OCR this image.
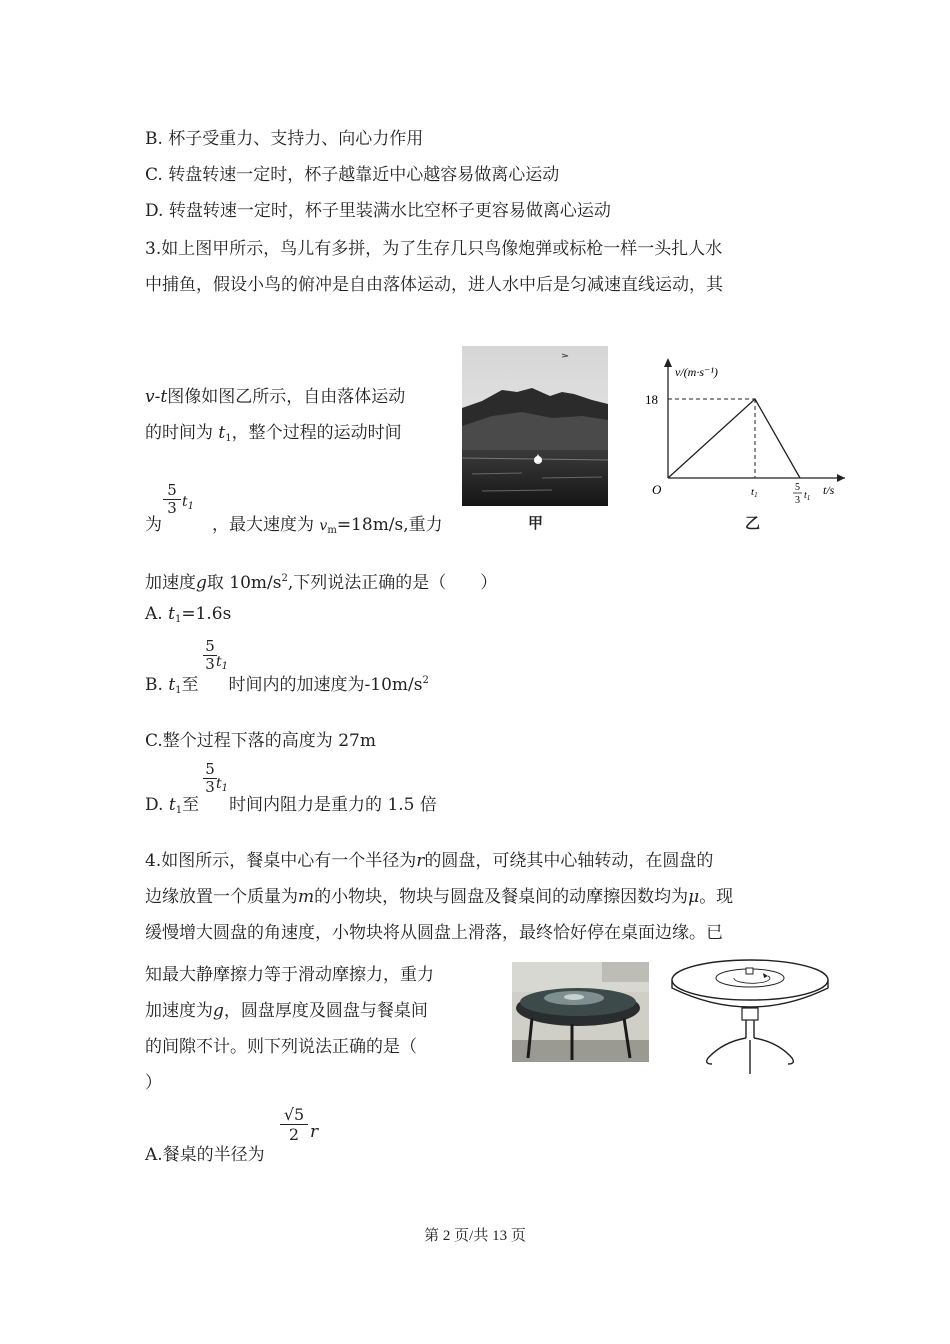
B. 杯子受重力、支持力、向心力作用
C. 转盘转速一定时，杯子越靠近中心越容易做离心运动
D. 转盘转速一定时，杯子里装满水比空杯子更容易做离心运动
3.如上图甲所示，鸟儿有多拼，为了生存几只鸟像炮弹或标枪一样一头扎人水
中捕鱼，假设小鸟的俯冲是自由落体运动，进人水中后是匀减速直线运动，其
v-t图像如图乙所示，自由落体运动
的时间为 $t_1$，整个过程的运动时间
5
3 $t_1$
为	，最大速度为 $v_m=18m/s$,重力
加速度g取 $10m/s^2$,下列说法正确的是（　　）
A. $t_1=1.6s$
5
3 $t_1$
B. $t_1$至 时间内的加速度为$-10m/s^2$
C.整个过程下落的高度为 27m
5
3 $t_1$
D. $t_1$至 时间内阻力是重力的 1.5 倍
甲
v/(m·s⁻¹)
18
O	t1
5
3 $t_1$
t/s
乙
4.如图所示，餐桌中心有一个半径为r的圆盘，可绕其中心轴转动，在圆盘的
边缘放置一个质量为m的小物块，物块与圆盘及餐桌间的动摩擦因数均为μ。现
缓慢增大圆盘的角速度，小物块将从圆盘上滑落，最终恰好停在桌面边缘。已
知最大静摩擦力等于滑动摩擦力，重力
加速度为g，圆盘厚度及圆盘与餐桌间
的间隙不计。则下列说法正确的是（
）
A.餐桌的半径为
√5
2 r
第 2 页/共 13 页
